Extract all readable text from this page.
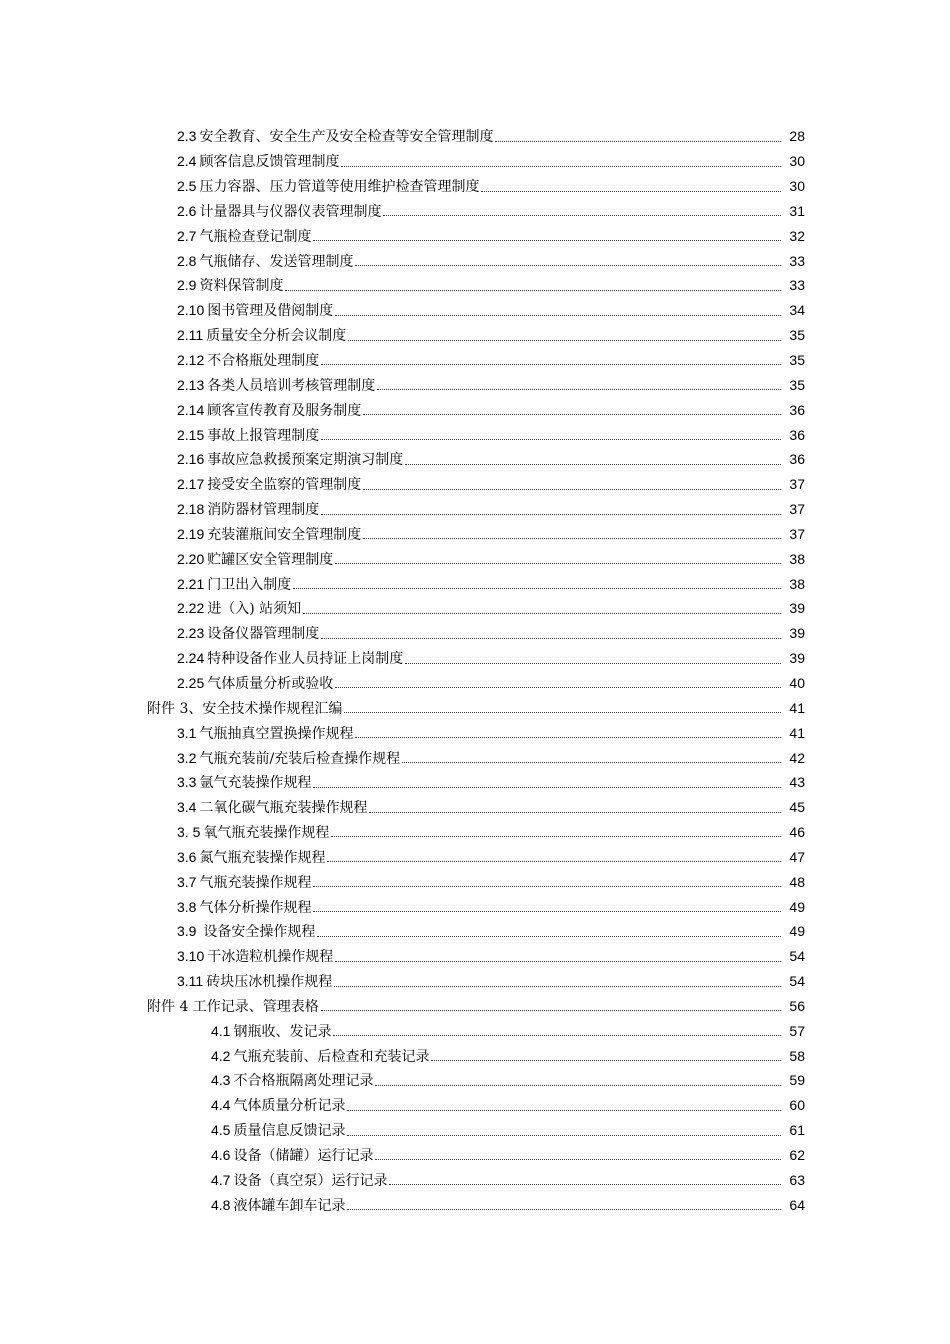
2.3 安全教育、安全生产及安全检查等安全管理制度	28
2.4 顾客信息反馈管理制度	30
2.5 压力容器、压力管道等使用维护检查管理制度	30
2.6 计量器具与仪器仪表管理制度	31
2.7 气瓶检查登记制度	32
2.8 气瓶储存、发送管理制度	33
2.9 资料保管制度	33
2.10 图书管理及借阅制度	34
2.11 质量安全分析会议制度	35
2.12 不合格瓶处理制度	35
2.13 各类人员培训考核管理制度	35
2.14 顾客宣传教育及服务制度	36
2.15 事故上报管理制度	36
2.16 事故应急救援预案定期演习制度	36
2.17 接受安全监察的管理制度	37
2.18 消防器材管理制度	37
2.19 充装灌瓶间安全管理制度	37
2.20 贮罐区安全管理制度	38
2.21 门卫出入制度	38
2.22 进（入) 站须知	39
2.23 设备仪器管理制度	39
2.24 特种设备作业人员持证上岗制度	39
2.25 气体质量分析或验收	40
附件 3、安全技术操作规程汇编	41
3.1 气瓶抽真空置换操作规程	41
3.2 气瓶充装前/充装后检查操作规程	42
3.3 氩气充装操作规程	43
3.4 二氧化碳气瓶充装操作规程	45
3. 5 氧气瓶充装操作规程	46
3.6 氮气瓶充装操作规程	47
3.7 气瓶充装操作规程	48
3.8 气体分析操作规程	49
3.9 设备安全操作规程	49
3.10 干冰造粒机操作规程	54
3.11 砖块压冰机操作规程	54
附件 4 工作记录、管理表格	56
4.1 钢瓶收、发记录	57
4.2 气瓶充装前、后检查和充装记录	58
4.3 不合格瓶隔离处理记录	59
4.4 气体质量分析记录	60
4.5 质量信息反馈记录	61
4.6 设备（储罐）运行记录	62
4.7 设备（真空泵）运行记录	63
4.8 液体罐车卸车记录	64
